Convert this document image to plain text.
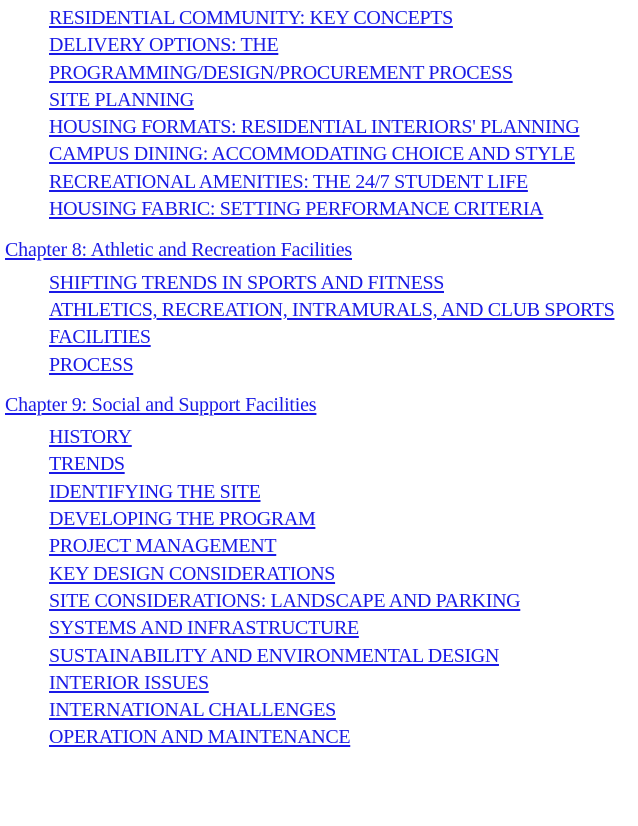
RESIDENTIAL COMMUNITY: KEY CONCEPTS
DELIVERY OPTIONS: THE PROGRAMMING/DESIGN/PROCUREMENT PROCESS
SITE PLANNING
HOUSING FORMATS: RESIDENTIAL INTERIORS' PLANNING
CAMPUS DINING: ACCOMMODATING CHOICE AND STYLE
RECREATIONAL AMENITIES: THE 24/7 STUDENT LIFE
HOUSING FABRIC: SETTING PERFORMANCE CRITERIA
Chapter 8: Athletic and Recreation Facilities
SHIFTING TRENDS IN SPORTS AND FITNESS
ATHLETICS, RECREATION, INTRAMURALS, AND CLUB SPORTS
FACILITIES
PROCESS
Chapter 9: Social and Support Facilities
HISTORY
TRENDS
IDENTIFYING THE SITE
DEVELOPING THE PROGRAM
PROJECT MANAGEMENT
KEY DESIGN CONSIDERATIONS
SITE CONSIDERATIONS: LANDSCAPE AND PARKING
SYSTEMS AND INFRASTRUCTURE
SUSTAINABILITY AND ENVIRONMENTAL DESIGN
INTERIOR ISSUES
INTERNATIONAL CHALLENGES
OPERATION AND MAINTENANCE
